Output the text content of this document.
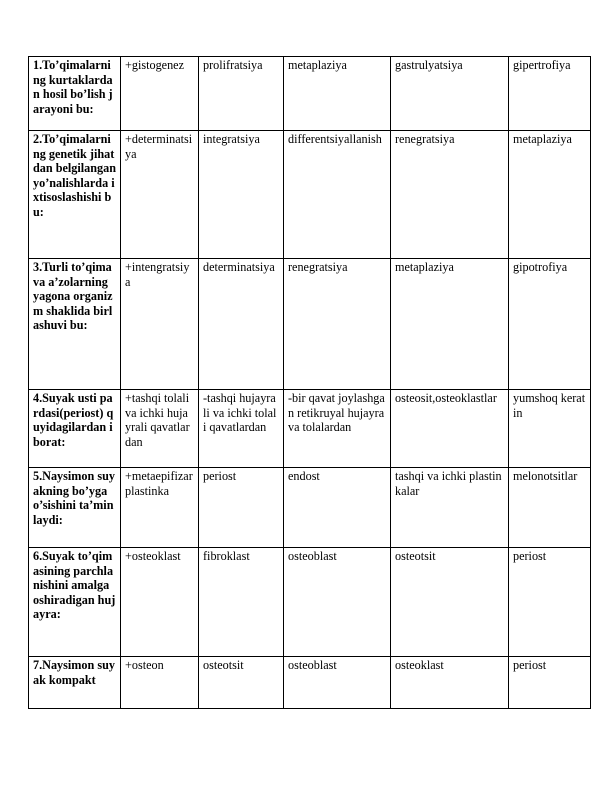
1.To’qimalarning kurtaklardan hosil bo’lish jarayoni bu:	+gistogenez	prolifratsiya	metaplaziya	gastrulyatsiya	gipertrofiya
2.To’qimalarning genetik jihatdan belgilangan yo’nalishlarda ixtisoslashishi bu:	+determinatsiya	integratsiya	differentsiyallanish	renegratsiya	metaplaziya
3.Turli to’qima va a’zolarning yagona organizm shaklida birlashuvi bu:	+intengratsiya	determinatsiya	renegratsiya	metaplaziya	gipotrofiya
4.Suyak usti pardasi(periost) quyidagilardan iborat:	+tashqi tolali va ichki hujayrali qavatlardan	-tashqi hujayrali va ichki tolali qavatlardan	-bir qavat joylashgan retikruyal hujayra va tolalardan	osteosit,osteoklastlar	yumshoq keratin
5.Naysimon suyakning bo’yga o’sishini ta’minlaydi:	+metaepifizar plastinka	periost	endost	tashqi va ichki plastinkalar	melonotsitlar
6.Suyak to’qimasining parchlanishini amalga oshiradigan hujayra:	+osteoklast	fibroklast	osteoblast	osteotsit	periost
7.Naysimon suyak kompakt	+osteon	osteotsit	osteoblast	osteoklast	periost
